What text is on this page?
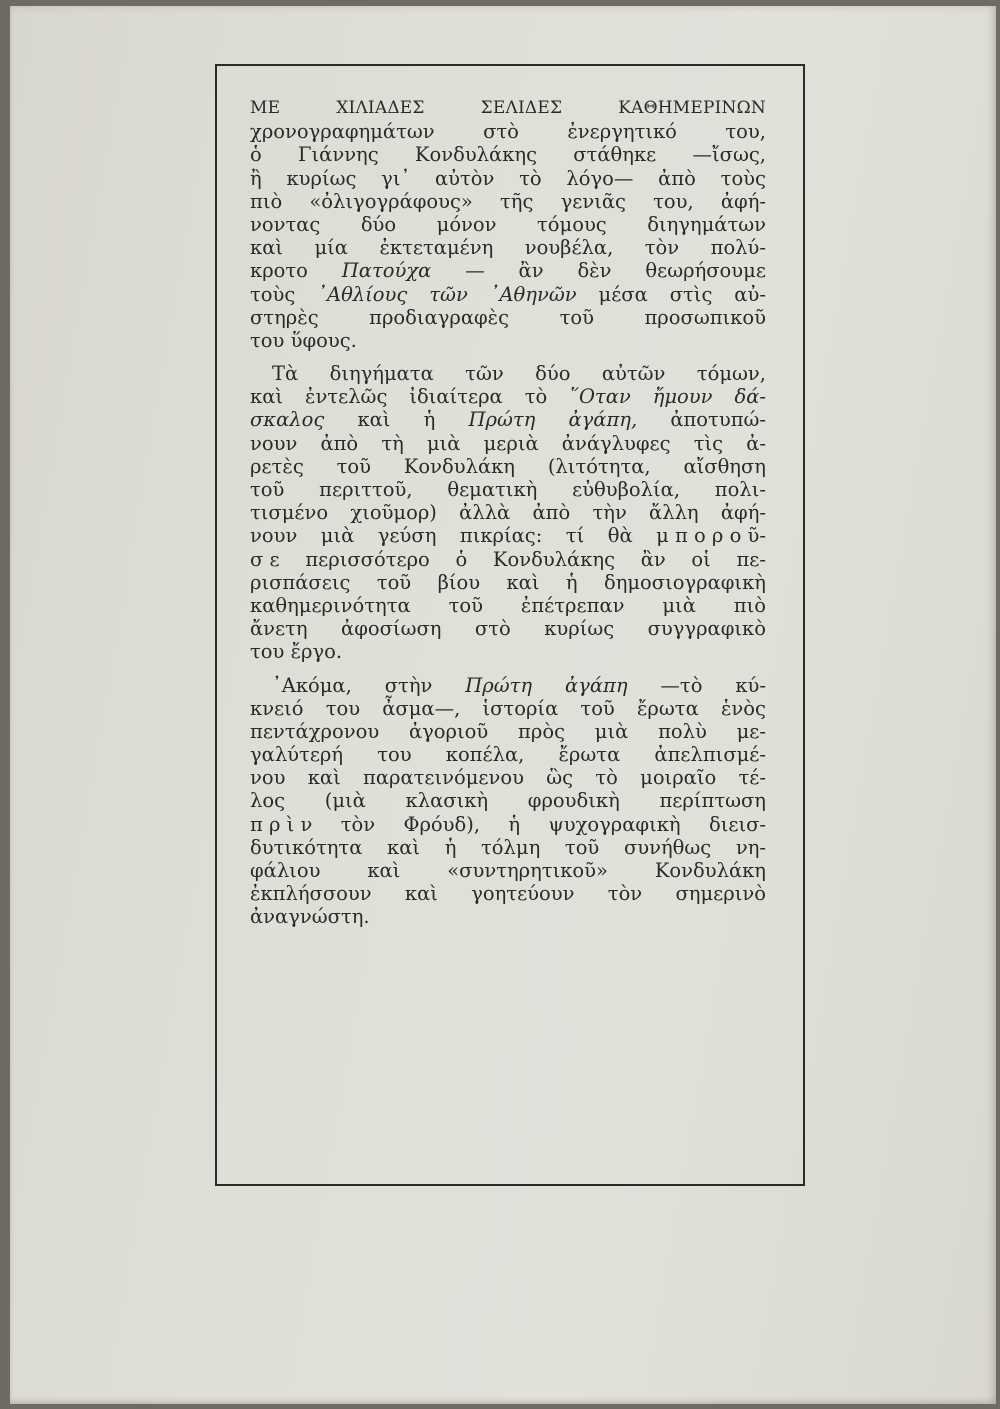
ΜΕ	ΧΙΛΙΑΔΕΣ	ΣΕΛΙΔΕΣ	ΚΑΘΗΜΕΡΙΝΩΝ
χρονογραφημάτων στὸ ἐνεργητικό του,
ὁ Γιάννης Κονδυλάκης στάθηκε —ἴσως,
ἢ κυρίως γι᾽ αὐτὸν τὸ λόγο— ἀπὸ τοὺς
πιὸ «ὀλιγογράφους» τῆς γενιᾶς του, ἀφή-
νοντας δύο μόνον τόμους διηγημάτων
καὶ μία ἐκτεταμένη νουβέλα, τὸν πολύ-
κροτο Πατούχα — ἂν δὲν θεωρήσουμε
τοὺς ᾽Αθλίους τῶν ᾽Αθηνῶν μέσα στὶς αὐ-
στηρὲς	προδιαγραφὲς	τοῦ	προσωπικοῦ
του ὕφους.
Τὰ διηγήματα τῶν δύο αὐτῶν τόμων,
καὶ ἐντελῶς ἰδιαίτερα τὸ ῞Οταν ἤμουν δά-
σκαλος καὶ ἡ Πρώτη ἀγάπη, ἀποτυπώ-
νουν ἀπὸ τὴ μιὰ μεριὰ ἀνάγλυφες τὶς ἀ-
ρετὲς τοῦ Κονδυλάκη (λιτότητα, αἴσθηση
τοῦ περιττοῦ, θεματικὴ εὐθυβολία, πολι-
τισμένο χιοῦμορ) ἀλλὰ ἀπὸ τὴν ἄλλη ἀφή-
νουν μιὰ γεύση πικρίας: τί θὰ μ π ο ρ ο ῦ-
σ ε περισσότερο ὁ Κονδυλάκης ἂν οἱ πε-
ρισπάσεις τοῦ βίου καὶ ἡ δημοσιογραφικὴ
καθημερινότητα τοῦ ἐπέτρεπαν μιὰ πιὸ
ἄνετη ἀφοσίωση στὸ κυρίως συγγραφικὸ
του ἔργο.
᾽Ακόμα, στὴν Πρώτη ἀγάπη —τὸ κύ-
κνειό του ἆσμα—, ἱστορία τοῦ ἔρωτα ἑνὸς
πεντάχρονου ἀγοριοῦ πρὸς μιὰ πολὺ με-
γαλύτερή του κοπέλα, ἔρωτα ἀπελπισμέ-
νου καὶ παρατεινόμενου ὣς τὸ μοιραῖο τέ-
λος (μιὰ κλασικὴ φρουδικὴ περίπτωση
π ρ ὶ ν τὸν Φρόυδ), ἡ ψυχογραφικὴ διεισ-
δυτικότητα καὶ ἡ τόλμη τοῦ συνήθως νη-
φάλιου καὶ «συντηρητικοῦ» Κονδυλάκη
ἐκπλήσσουν καὶ γοητεύουν τὸν σημερινὸ
ἀναγνώστη.
